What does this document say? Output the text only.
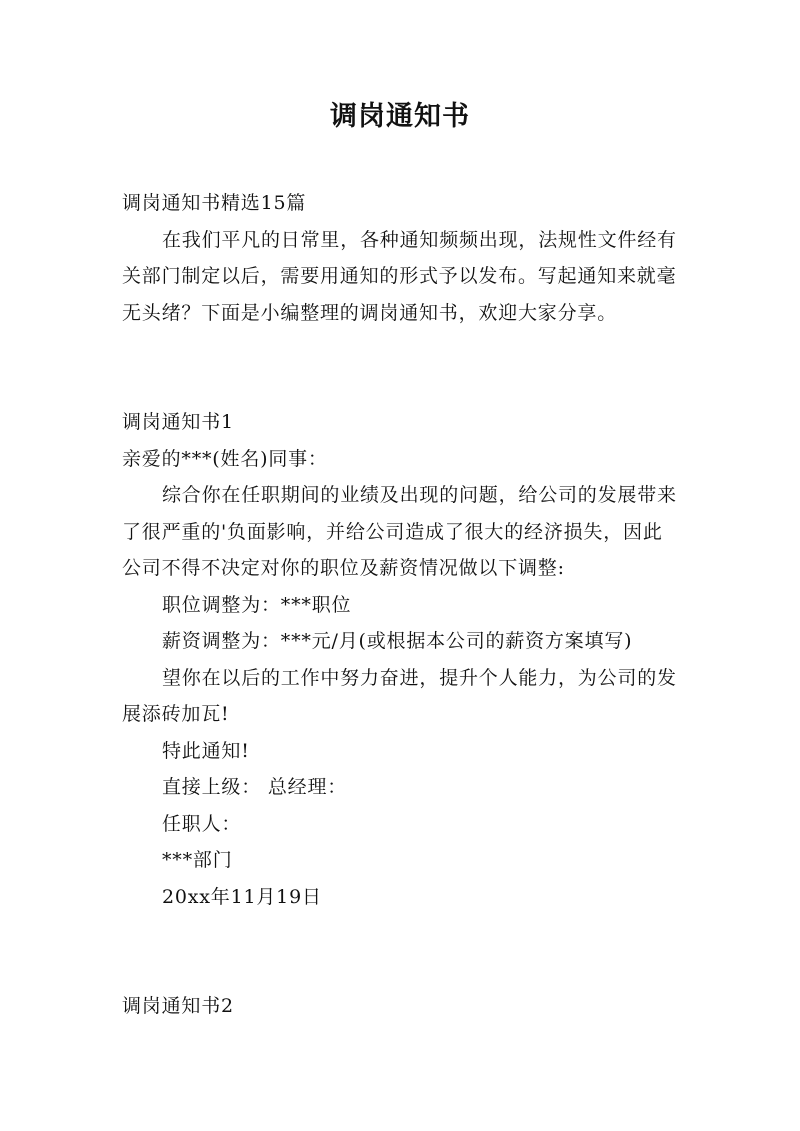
调岗通知书

调岗通知书精选15篇

在我们平凡的日常里，各种通知频频出现，法规性文件经有关部门制定以后，需要用通知的形式予以发布。写起通知来就毫无头绪？下面是小编整理的调岗通知书，欢迎大家分享。

调岗通知书1

亲爱的***(姓名)同事：

综合你在任职期间的业绩及出现的问题，给公司的发展带来了很严重的'负面影响，并给公司造成了很大的经济损失，因此公司不得不决定对你的职位及薪资情况做以下调整:

职位调整为：***职位

薪资调整为：***元/月(或根据本公司的薪资方案填写)

望你在以后的工作中努力奋进，提升个人能力，为公司的发展添砖加瓦!

特此通知!

直接上级： 总经理：

任职人：

***部门

20xx年11月19日

调岗通知书2
